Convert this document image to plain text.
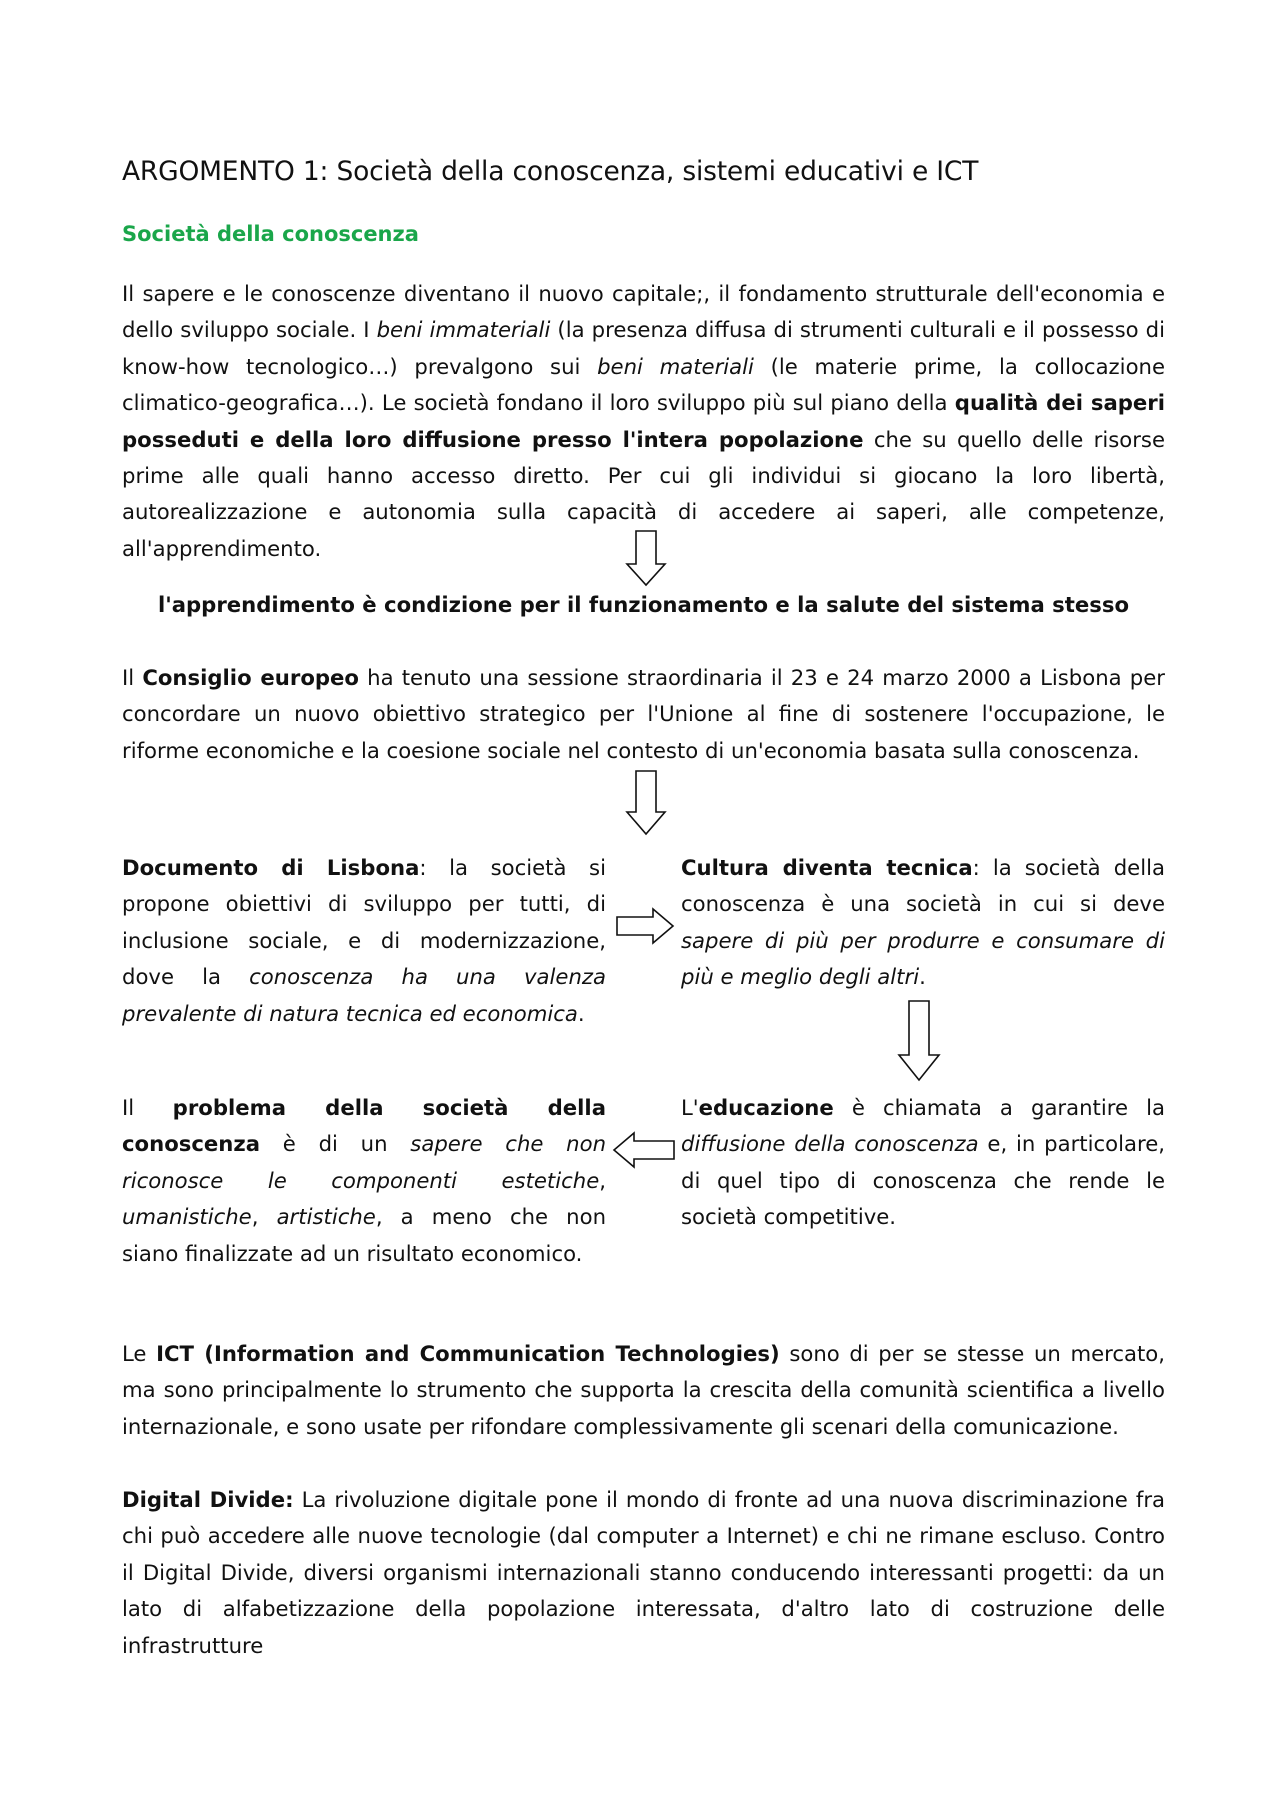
ARGOMENTO 1: Società della conoscenza, sistemi educativi e ICT
Società della conoscenza

Il sapere e le conoscenze diventano il nuovo capitale;, il fondamento strutturale dell'economia e dello sviluppo sociale. I beni immateriali (la presenza diffusa di strumenti culturali e il possesso di know-how tecnologico…) prevalgono sui beni materiali (le materie prime, la collocazione climatico-geografica…). Le società fondano il loro sviluppo più sul piano della qualità dei saperi posseduti e della loro diffusione presso l'intera popolazione che su quello delle risorse prime alle quali hanno accesso diretto. Per cui gli individui si giocano la loro libertà, autorealizzazione e autonomia sulla capacità di accedere ai saperi, alle competenze, all'apprendimento.

l'apprendimento è condizione per il funzionamento e la salute del sistema stesso

Il Consiglio europeo ha tenuto una sessione straordinaria il 23 e 24 marzo 2000 a Lisbona per concordare un nuovo obiettivo strategico per l'Unione al fine di sostenere l'occupazione, le riforme economiche e la coesione sociale nel contesto di un'economia basata sulla conoscenza.

Documento di Lisbona: la società si propone obiettivi di sviluppo per tutti, di inclusione sociale, e di modernizzazione, dove la conoscenza ha una valenza prevalente di natura tecnica ed economica.

Cultura diventa tecnica: la società della conoscenza è una società in cui si deve sapere di più per produrre e consumare di più e meglio degli altri.

Il problema della società della conoscenza è di un sapere che non riconosce le componenti estetiche, umanistiche, artistiche, a meno che non siano finalizzate ad un risultato economico.

L'educazione è chiamata a garantire la diffusione della conoscenza e, in particolare, di quel tipo di conoscenza che rende le società competitive.

Le ICT (Information and Communication Technologies) sono di per se stesse un mercato, ma sono principalmente lo strumento che supporta la crescita della comunità scientifica a livello internazionale, e sono usate per rifondare complessivamente gli scenari della comunicazione.

Digital Divide: La rivoluzione digitale pone il mondo di fronte ad una nuova discriminazione fra chi può accedere alle nuove tecnologie (dal computer a Internet) e chi ne rimane escluso. Contro il Digital Divide, diversi organismi internazionali stanno conducendo interessanti progetti: da un lato di alfabetizzazione della popolazione interessata, d'altro lato di costruzione delle infrastrutture
